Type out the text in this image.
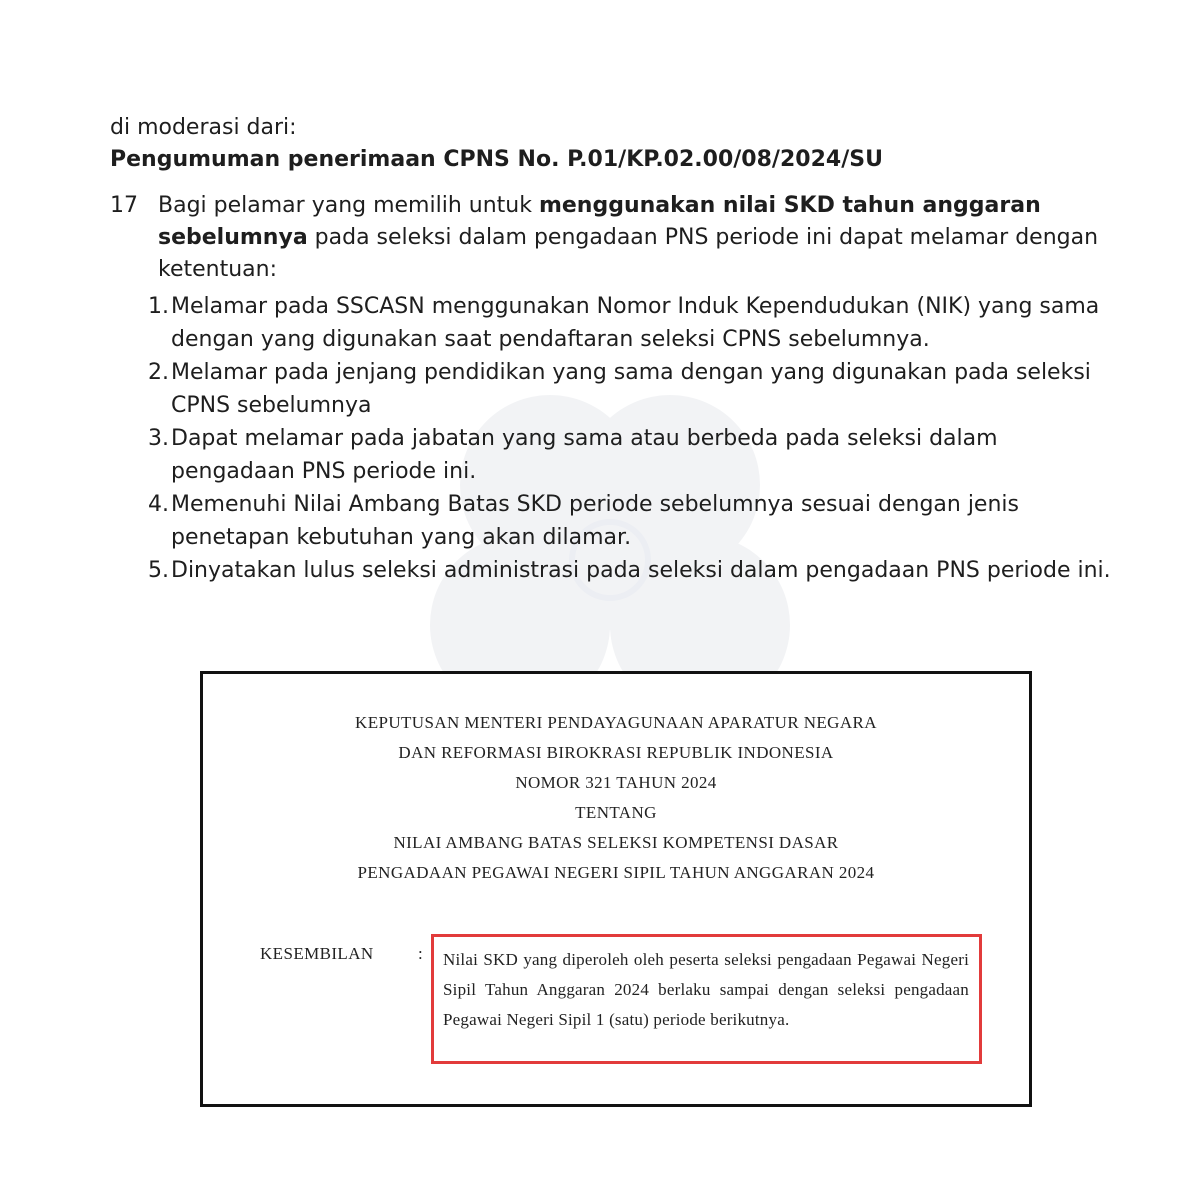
di moderasi dari:
Pengumuman penerimaan CPNS No. P.01/KP.02.00/08/2024/SU
17 Bagi pelamar yang memilih untuk menggunakan nilai SKD tahun anggaran sebelumnya pada seleksi dalam pengadaan PNS periode ini dapat melamar dengan ketentuan:
1. Melamar pada SSCASN menggunakan Nomor Induk Kependudukan (NIK) yang sama dengan yang digunakan saat pendaftaran seleksi CPNS sebelumnya.
2. Melamar pada jenjang pendidikan yang sama dengan yang digunakan pada seleksi CPNS sebelumnya
3. Dapat melamar pada jabatan yang sama atau berbeda pada seleksi dalam pengadaan PNS periode ini.
4. Memenuhi Nilai Ambang Batas SKD periode sebelumnya sesuai dengan jenis penetapan kebutuhan yang akan dilamar.
5. Dinyatakan lulus seleksi administrasi pada seleksi dalam pengadaan PNS periode ini.
KEPUTUSAN MENTERI PENDAYAGUNAAN APARATUR NEGARA
DAN REFORMASI BIROKRASI REPUBLIK INDONESIA
NOMOR 321 TAHUN 2024
TENTANG
NILAI AMBANG BATAS SELEKSI KOMPETENSI DASAR
PENGADAAN PEGAWAI NEGERI SIPIL TAHUN ANGGARAN 2024
KESEMBILAN	: Nilai SKD yang diperoleh oleh peserta seleksi pengadaan Pegawai Negeri Sipil Tahun Anggaran 2024 berlaku sampai dengan seleksi pengadaan Pegawai Negeri Sipil 1 (satu) periode berikutnya.
